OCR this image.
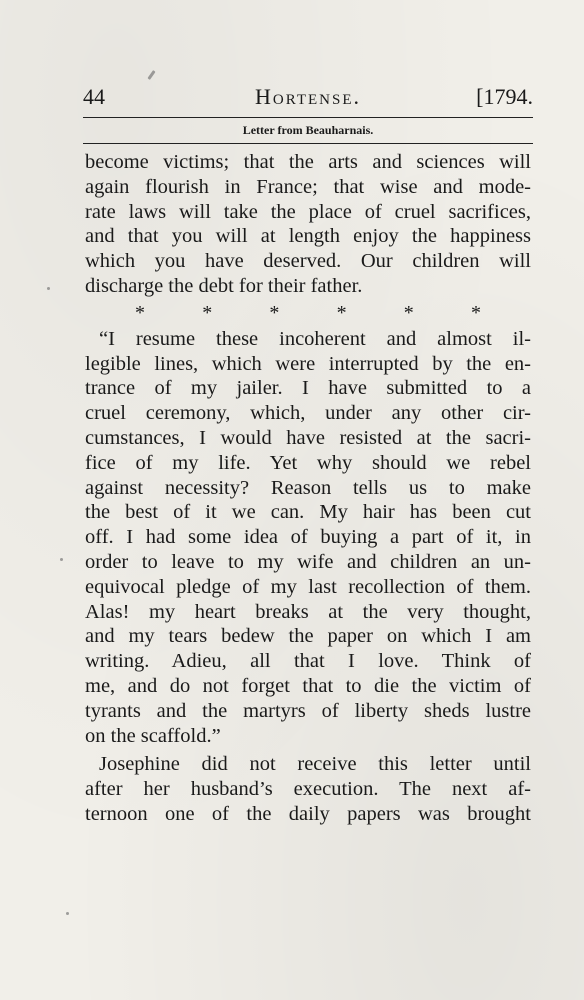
44	Hortense.	[1794.
Letter from Beauharnais.
become victims; that the arts and sciences will
again flourish in France; that wise and mode-
rate laws will take the place of cruel sacrifices,
and that you will at length enjoy the happiness
which you have deserved. Our children will
discharge the debt for their father.
*	*	*	*	*	*
“I resume these incoherent and almost il-
legible lines, which were interrupted by the en-
trance of my jailer. I have submitted to a
cruel ceremony, which, under any other cir-
cumstances, I would have resisted at the sacri-
fice of my life. Yet why should we rebel
against necessity? Reason tells us to make
the best of it we can. My hair has been cut
off. I had some idea of buying a part of it, in
order to leave to my wife and children an un-
equivocal pledge of my last recollection of them.
Alas! my heart breaks at the very thought,
and my tears bedew the paper on which I am
writing. Adieu, all that I love. Think of
me, and do not forget that to die the victim of
tyrants and the martyrs of liberty sheds lustre
on the scaffold.”
Josephine did not receive this letter until
after her husband’s execution. The next af-
ternoon one of the daily papers was brought
